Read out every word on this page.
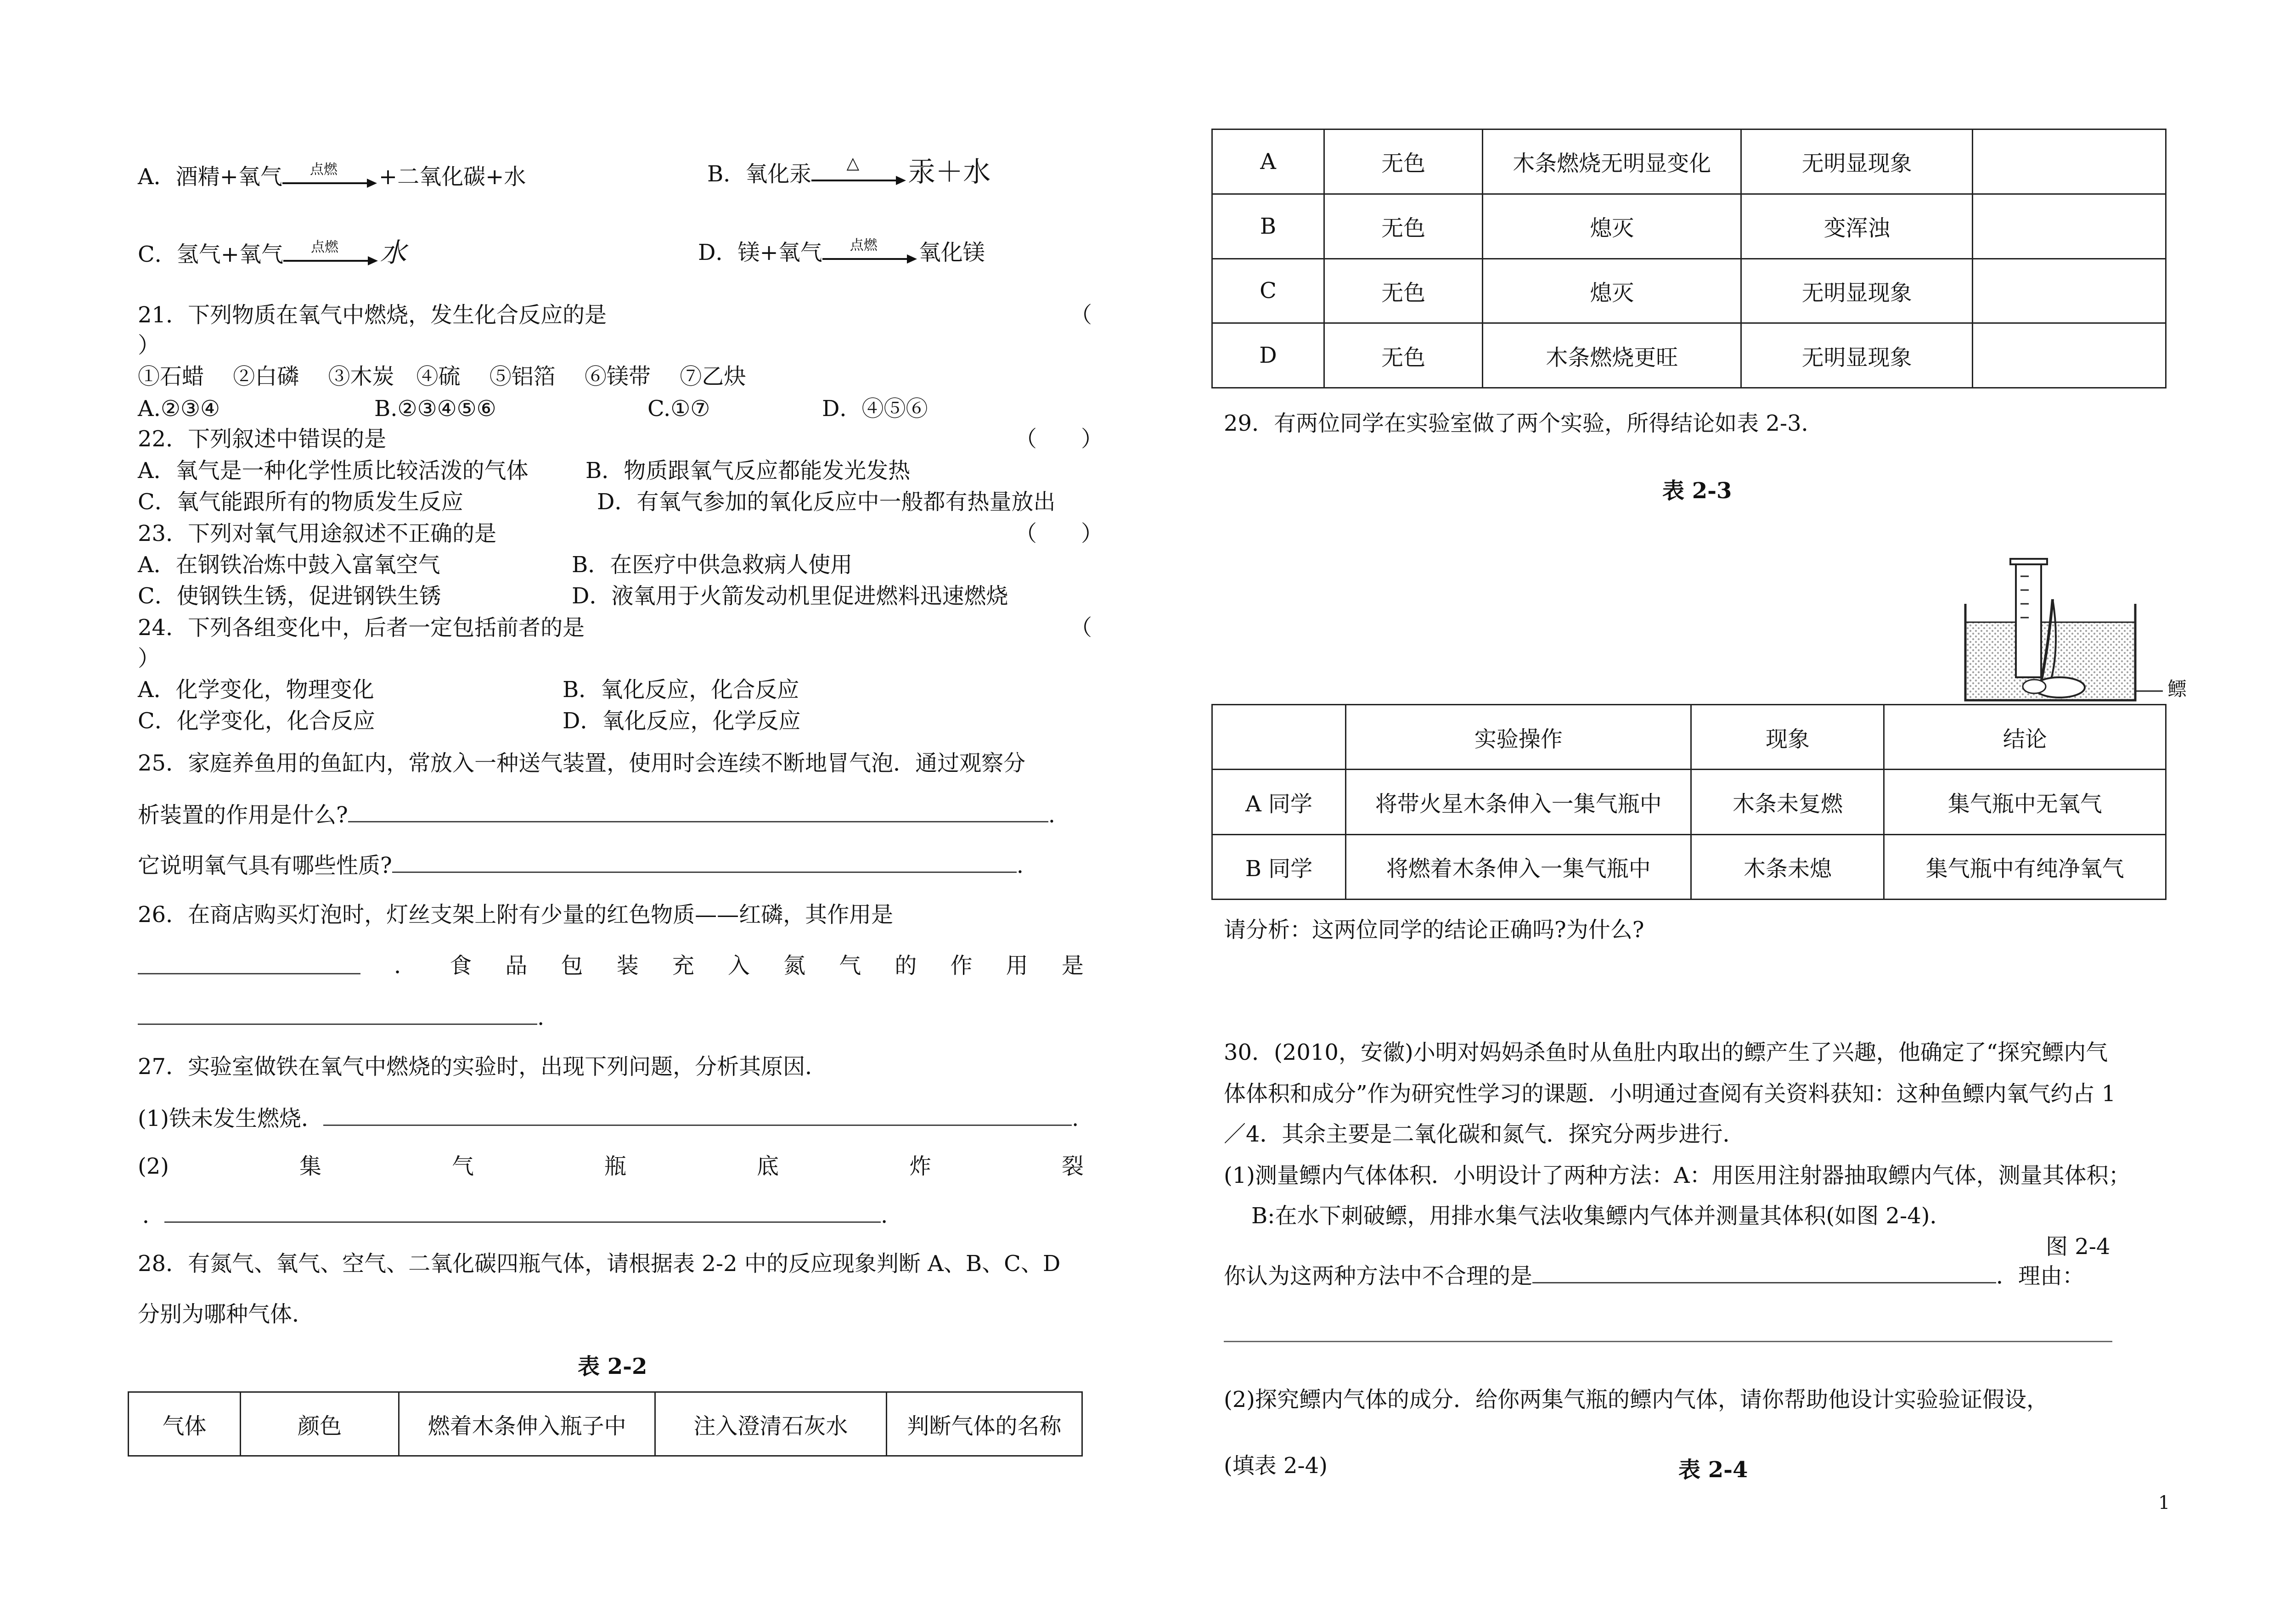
A．酒精+氧气	点燃	+二氧化碳+水	B．氧化汞	△	汞＋水
C．氢气+氧气	点燃	水	D．镁+氧气	点燃	氧化镁
21．下列物质在氧气中燃烧，发生化合反应的是	（
）
①石蜡　 ②白磷　 ③木炭　④硫　 ⑤铝箔　 ⑥镁带　 ⑦乙炔
A.②③④	B.②③④⑤⑥	C.①⑦	D．④⑤⑥
22．下列叙述中错误的是	（　　）
A．氧气是一种化学性质比较活泼的气体	B．物质跟氧气反应都能发光发热
C．氧气能跟所有的物质发生反应	D．有氧气参加的氧化反应中一般都有热量放出
23．下列对氧气用途叙述不正确的是	（　　）
A．在钢铁冶炼中鼓入富氧空气	B．在医疗中供急救病人使用
C．使钢铁生锈，促进钢铁生锈	D．液氧用于火箭发动机里促进燃料迅速燃烧
24．下列各组变化中，后者一定包括前者的是	（
）
A．化学变化，物理变化	B．氧化反应，化合反应
C．化学变化，化合反应	D．氧化反应，化学反应
25．家庭养鱼用的鱼缸内，常放入一种送气装置，使用时会连续不断地冒气泡．通过观察分
析装置的作用是什么?	.
它说明氧气具有哪些性质?	.
26．在商店购买灯泡时，灯丝支架上附有少量的红色物质——红磷，其作用是
． 食 品 包 装 充 入 氮 气 的 作 用 是
.
27．实验室做铁在氧气中燃烧的实验时，出现下列问题，分析其原因．
(1)铁未发生燃烧．	.
(2)	集	气	瓶	底	炸	裂
．	.
28．有氮气、氧气、空气、二氧化碳四瓶气体，请根据表 2-2 中的反应现象判断 A、B、C、D
分别为哪种气体．
表 2-2
气体	颜色	燃着木条伸入瓶子中	注入澄清石灰水	判断气体的名称
A	无色	木条燃烧无明显变化	无明显现象	
B	无色	熄灭	变浑浊	
C	无色	熄灭	无明显现象	
D	无色	木条燃烧更旺	无明显现象	
29．有两位同学在实验室做了两个实验，所得结论如表 2-3．
表 2-3
鳔
	实验操作	现象	结论
A 同学	将带火星木条伸入一集气瓶中	木条未复燃	集气瓶中无氧气
B 同学	将燃着木条伸入一集气瓶中	木条未熄	集气瓶中有纯净氧气
请分析：这两位同学的结论正确吗?为什么?
30．(2010，安徽)小明对妈妈杀鱼时从鱼肚内取出的鳔产生了兴趣，他确定了“探究鳔内气
体体积和成分”作为研究性学习的课题．小明通过查阅有关资料获知：这种鱼鳔内氧气约占 1
／4．其余主要是二氧化碳和氮气．探究分两步进行．
(1)测量鳔内气体体积．小明设计了两种方法：A：用医用注射器抽取鳔内气体，测量其体积；
B:在水下刺破鳔，用排水集气法收集鳔内气体并测量其体积(如图 2-4)．
图 2-4
你认为这两种方法中不合理的是	．理由：
(2)探究鳔内气体的成分．给你两集气瓶的鳔内气体，请你帮助他设计实验验证假设，
(填表 2-4)	表 2-4
1
